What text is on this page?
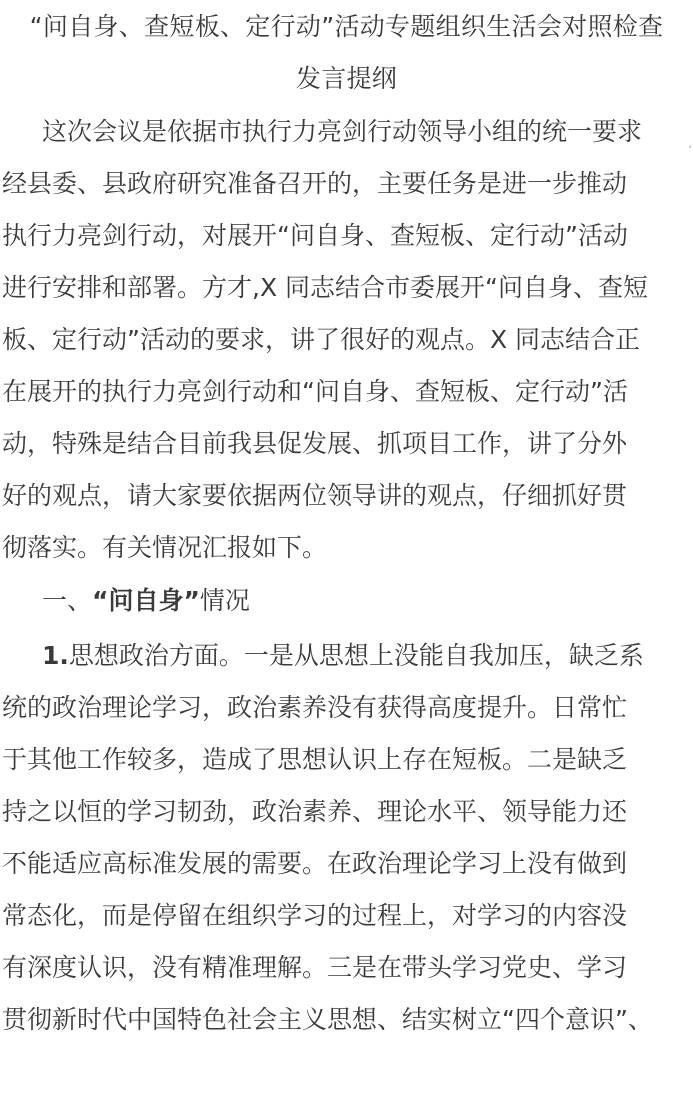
“问自身、查短板、定行动”活动专题组织生活会对照检查
发言提纲
这次会议是依据市执行力亮剑行动领导小组的统一要求
经县委、县政府研究准备召开的，主要任务是进一步推动
执行力亮剑行动，对展开“问自身、查短板、定行动”活动
进行安排和部署。方才,X 同志结合市委展开“问自身、查短
板、定行动”活动的要求，讲了很好的观点。X 同志结合正
在展开的执行力亮剑行动和“问自身、查短板、定行动”活
动，特殊是结合目前我县促发展、抓项目工作，讲了分外
好的观点，请大家要依据两位领导讲的观点，仔细抓好贯
彻落实。有关情况汇报如下。
一、“问自身”情况
1.思想政治方面。一是从思想上没能自我加压，缺乏系
统的政治理论学习，政治素养没有获得高度提升。日常忙
于其他工作较多，造成了思想认识上存在短板。二是缺乏
持之以恒的学习韧劲，政治素养、理论水平、领导能力还
不能适应高标准发展的需要。在政治理论学习上没有做到
常态化，而是停留在组织学习的过程上，对学习的内容没
有深度认识，没有精准理解。三是在带头学习党史、学习
贯彻新时代中国特色社会主义思想、结实树立“四个意识”、
,
